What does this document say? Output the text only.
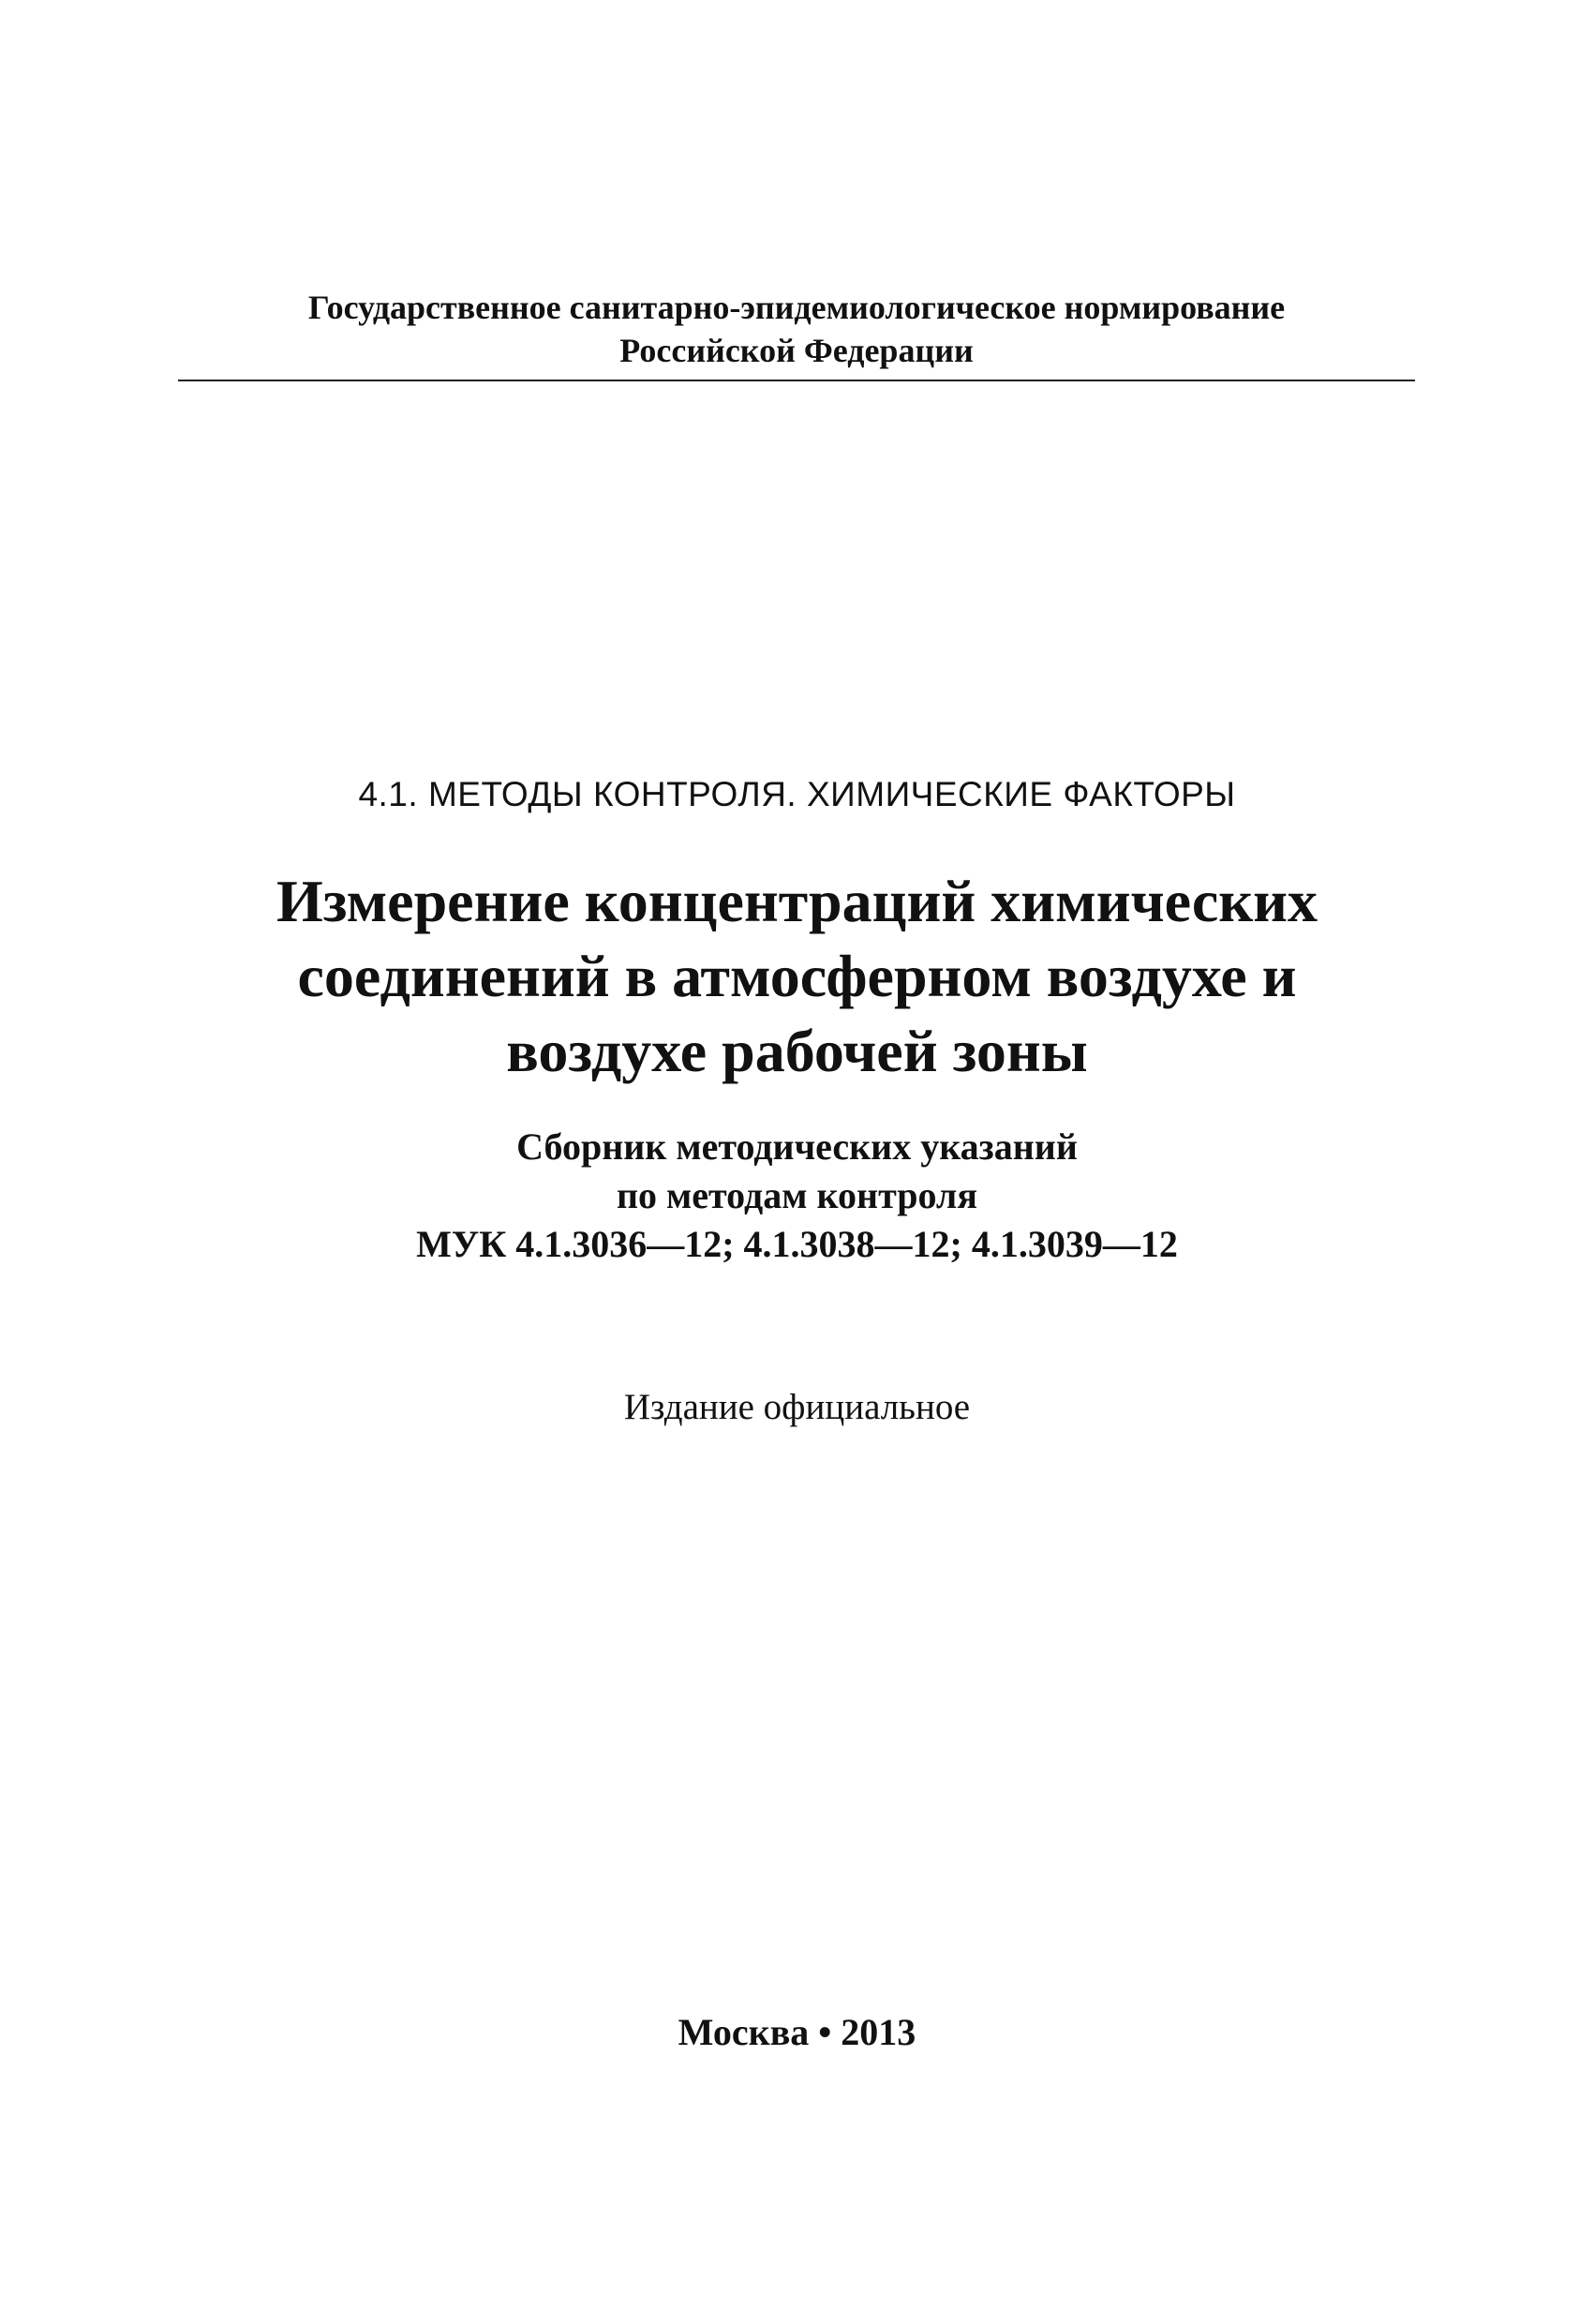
Государственное санитарно-эпидемиологическое нормирование
Российской Федерации
4.1. МЕТОДЫ КОНТРОЛЯ. ХИМИЧЕСКИЕ ФАКТОРЫ
Измерение концентраций химических
соединений в атмосферном воздухе и
воздухе рабочей зоны
Сборник методических указаний
по методам контроля
МУК 4.1.3036—12; 4.1.3038—12; 4.1.3039—12
Издание официальное
Москва • 2013
